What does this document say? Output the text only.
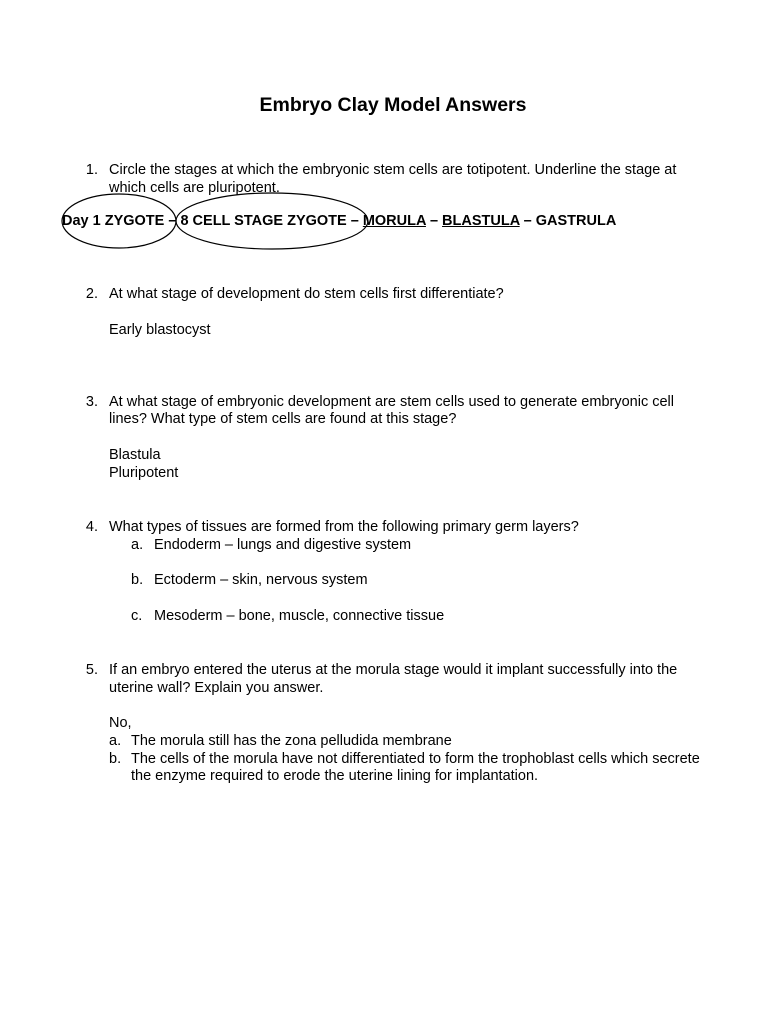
Embryo Clay Model Answers
1. Circle the stages at which the embryonic stem cells are totipotent. Underline the stage at
which cells are pluripotent.
Day 1 ZYGOTE – 8 CELL STAGE ZYGOTE – MORULA – BLASTULA – GASTRULA
2. At what stage of development do stem cells first differentiate?
Early blastocyst
3. At what stage of embryonic development are stem cells used to generate embryonic cell
lines? What type of stem cells are found at this stage?
Blastula
Pluripotent
4. What types of tissues are formed from the following primary germ layers?
a. Endoderm – lungs and digestive system
b. Ectoderm – skin, nervous system
c. Mesoderm – bone, muscle, connective tissue
5. If an embryo entered the uterus at the morula stage would it implant successfully into the
uterine wall? Explain you answer.
No,
a. The morula still has the zona pelludida membrane
b. The cells of the morula have not differentiated to form the trophoblast cells which secrete
the enzyme required to erode the uterine lining for implantation.
